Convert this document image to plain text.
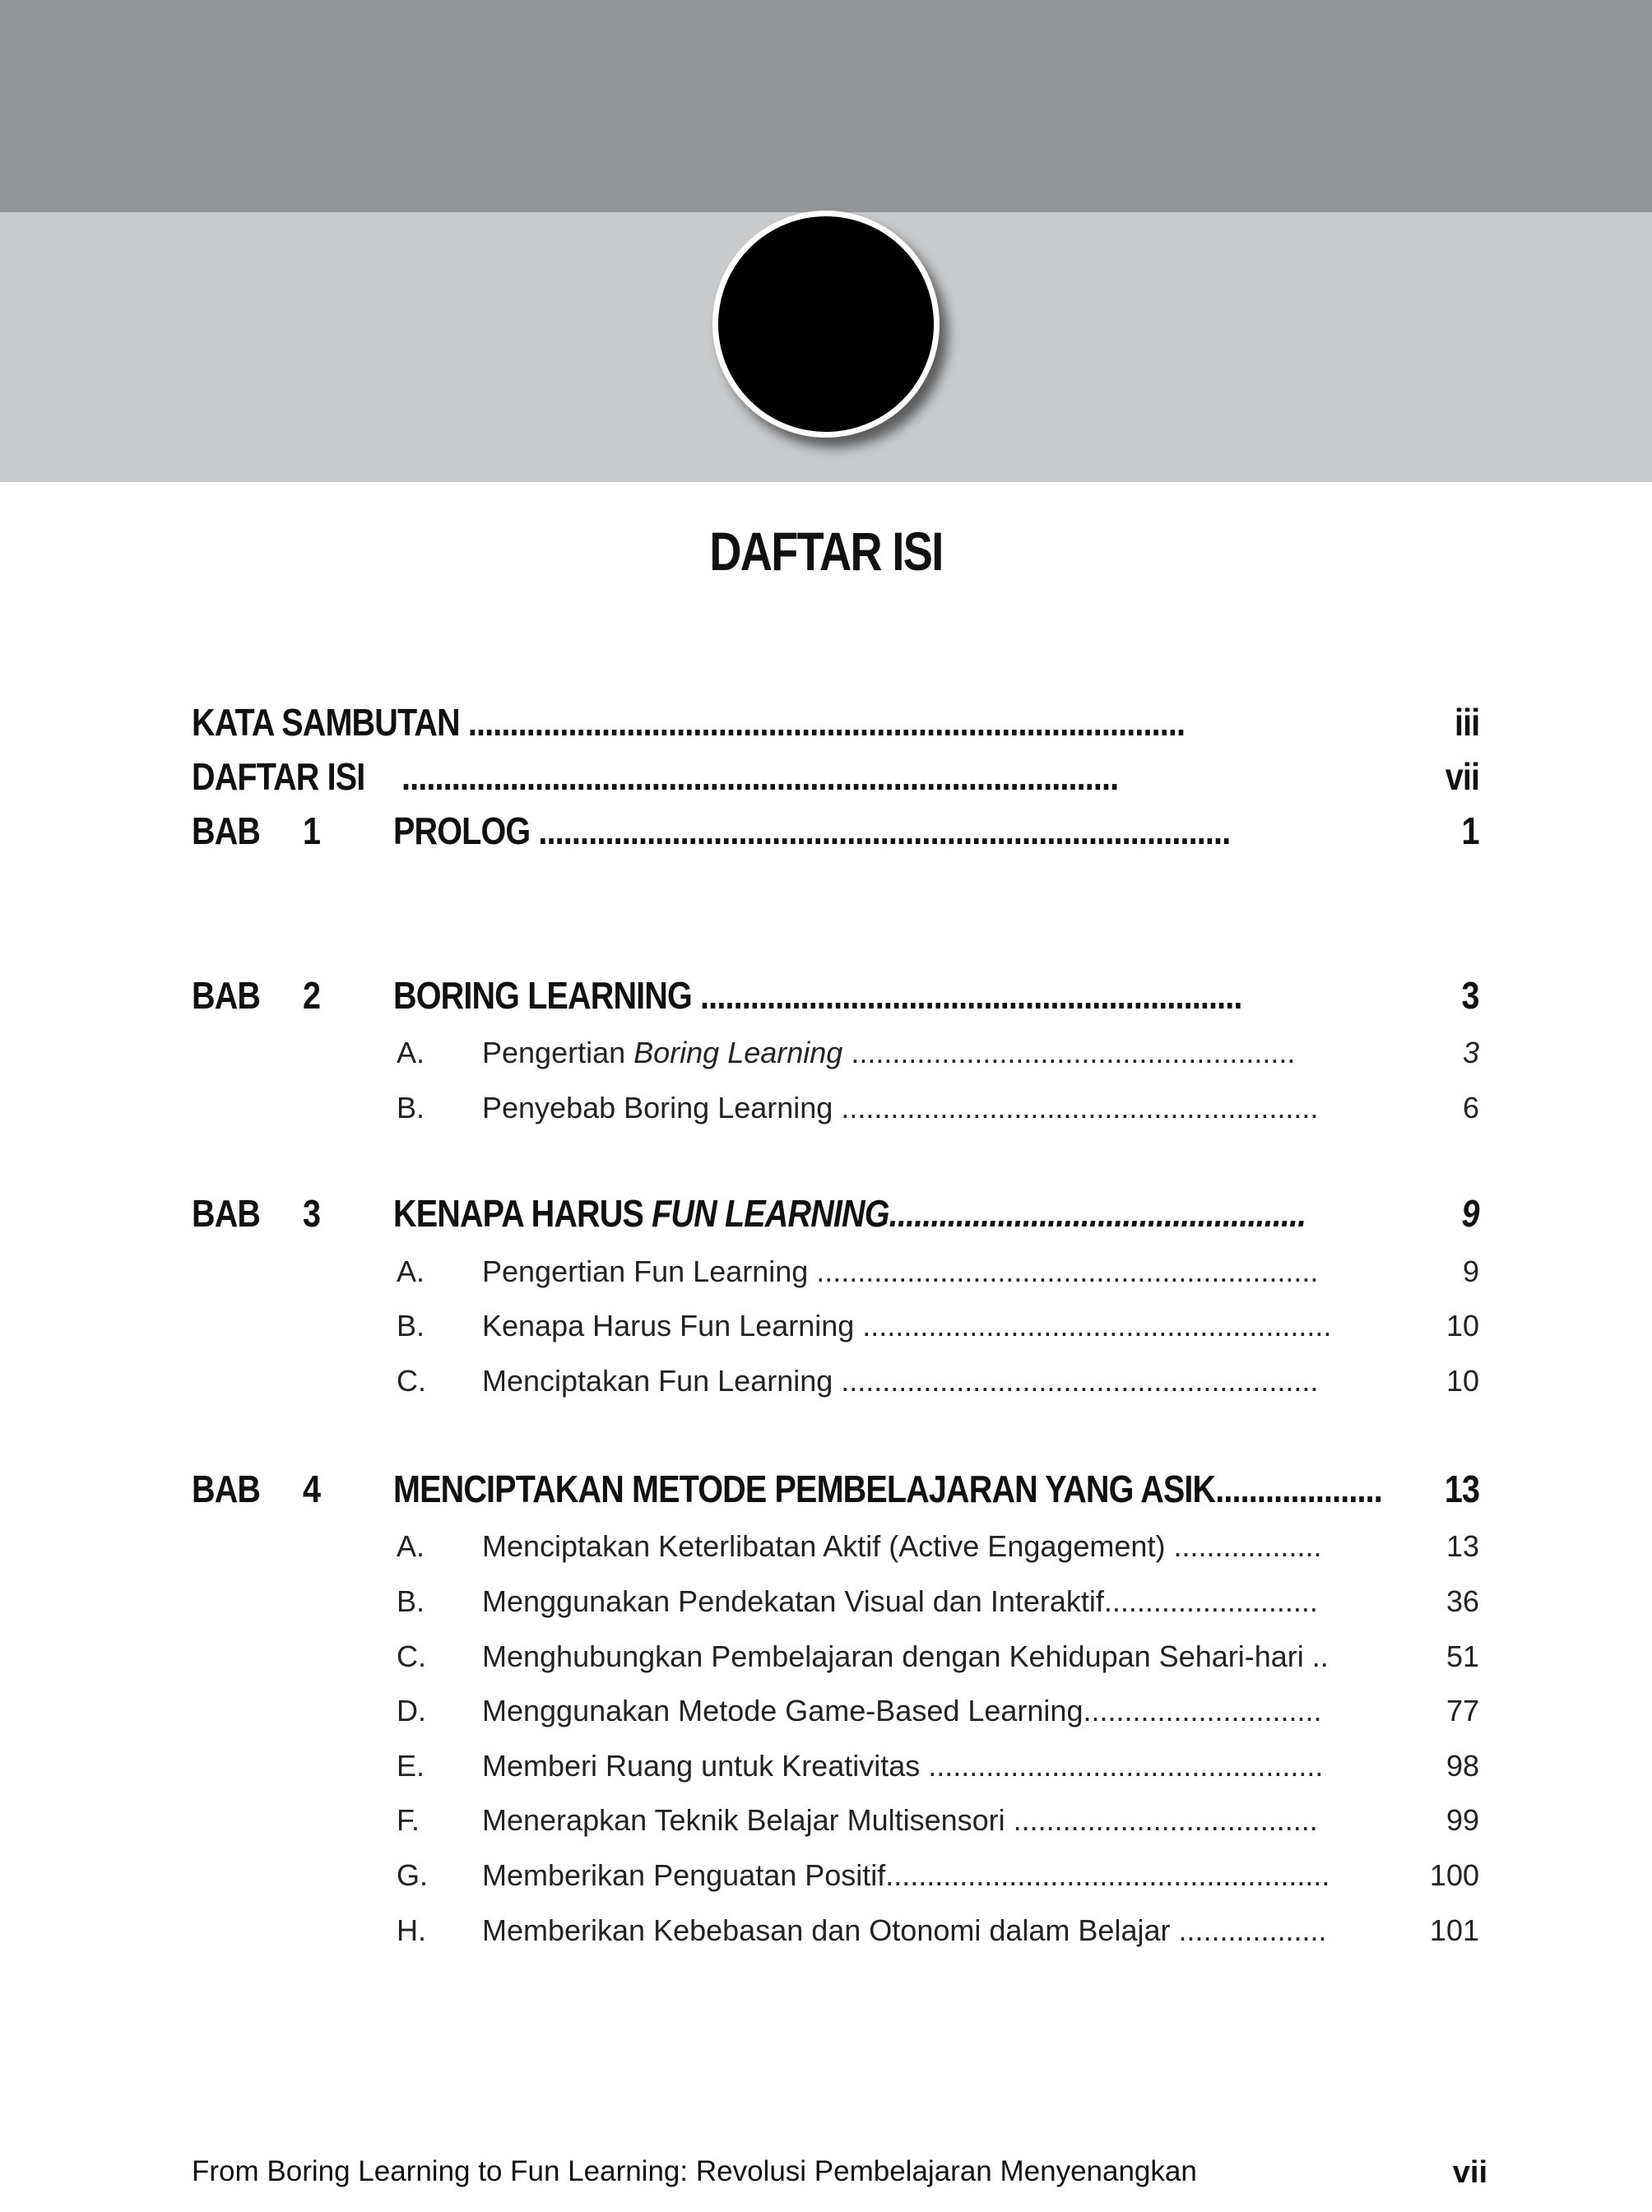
DAFTAR ISI
KATA SAMBUTAN ......................................................................................	iii
DAFTAR ISI ......................................................................................	vii
BAB 1 PROLOG ...................................................................................	1
BAB 2 BORING LEARNING .................................................................	3
A. Pengertian Boring Learning ......................................................	3
B. Penyebab Boring Learning ..........................................................	6
BAB 3 KENAPA HARUS FUN LEARNING..................................................	9
A. Pengertian Fun Learning .............................................................	9
B. Kenapa Harus Fun Learning .........................................................	10
C. Menciptakan Fun Learning ..........................................................	10
BAB 4 MENCIPTAKAN METODE PEMBELAJARAN YANG ASIK.................... 13
A. Menciptakan Keterlibatan Aktif (Active Engagement) ..................	13
B. Menggunakan Pendekatan Visual dan Interaktif..........................	36
C. Menghubungkan Pembelajaran dengan Kehidupan Sehari-hari ..	51
D. Menggunakan Metode Game-Based Learning.............................	77
E. Memberi Ruang untuk Kreativitas ................................................	98
F. Menerapkan Teknik Belajar Multisensori .....................................	99
G. Memberikan Penguatan Positif......................................................	100
H. Memberikan Kebebasan dan Otonomi dalam Belajar ..................	101
From Boring Learning to Fun Learning: Revolusi Pembelajaran Menyenangkan	vii
